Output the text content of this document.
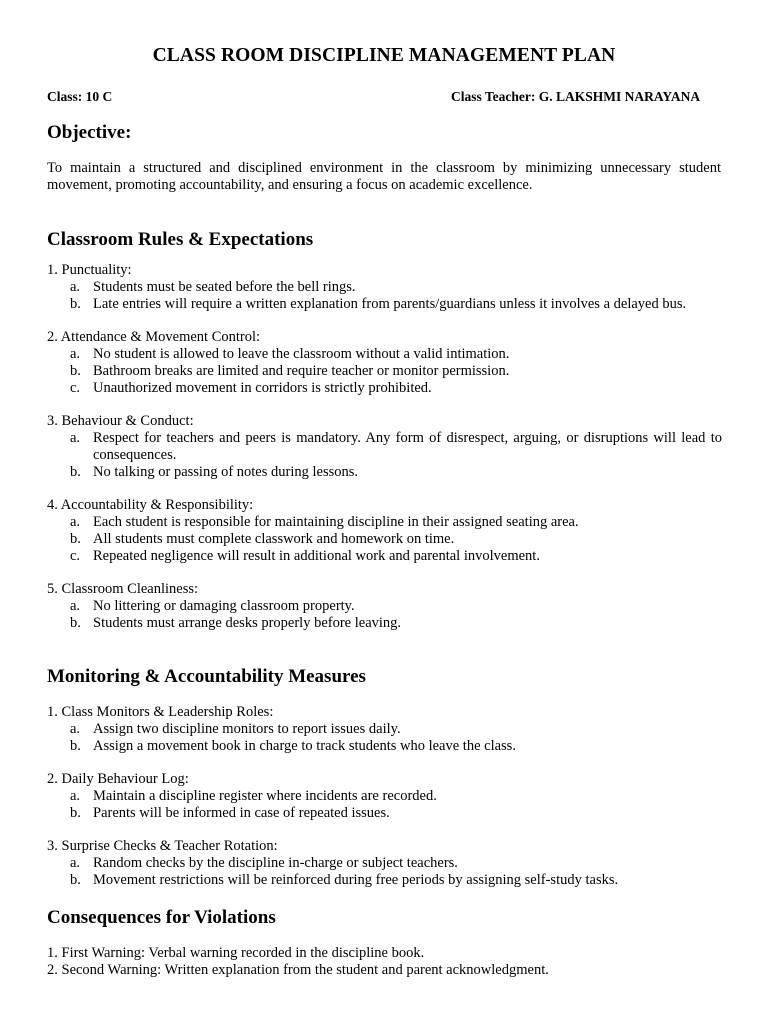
CLASS ROOM DISCIPLINE MANAGEMENT PLAN
Class: 10 C	Class Teacher: G. LAKSHMI NARAYANA
Objective:
To maintain a structured and disciplined environment in the classroom by minimizing unnecessary student movement, promoting accountability, and ensuring a focus on academic excellence.
Classroom Rules & Expectations
1. Punctuality:
a. Students must be seated before the bell rings.
b. Late entries will require a written explanation from parents/guardians unless it involves a delayed bus.
2. Attendance & Movement Control:
a. No student is allowed to leave the classroom without a valid intimation.
b. Bathroom breaks are limited and require teacher or monitor permission.
c. Unauthorized movement in corridors is strictly prohibited.
3. Behaviour & Conduct:
a. Respect for teachers and peers is mandatory. Any form of disrespect, arguing, or disruptions will lead to consequences.
b. No talking or passing of notes during lessons.
4. Accountability & Responsibility:
a. Each student is responsible for maintaining discipline in their assigned seating area.
b. All students must complete classwork and homework on time.
c. Repeated negligence will result in additional work and parental involvement.
5. Classroom Cleanliness:
a. No littering or damaging classroom property.
b. Students must arrange desks properly before leaving.
Monitoring & Accountability Measures
1. Class Monitors & Leadership Roles:
a. Assign two discipline monitors to report issues daily.
b. Assign a movement book in charge to track students who leave the class.
2. Daily Behaviour Log:
a. Maintain a discipline register where incidents are recorded.
b. Parents will be informed in case of repeated issues.
3. Surprise Checks & Teacher Rotation:
a. Random checks by the discipline in-charge or subject teachers.
b. Movement restrictions will be reinforced during free periods by assigning self-study tasks.
Consequences for Violations
1. First Warning: Verbal warning recorded in the discipline book.
2. Second Warning: Written explanation from the student and parent acknowledgment.
